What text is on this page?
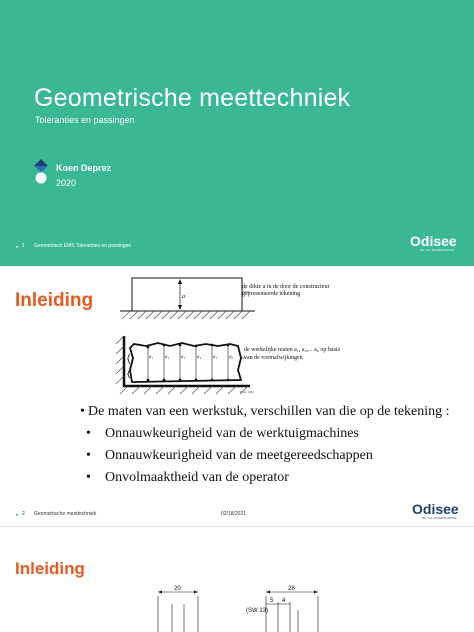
Geometrische meettechniek
Toleranties en passingen
Koen Deprez
2020
▸ 1 Geometrisch EMS Toleranties en passingen	Odisee
DE CO-HOGESCHOOL
Inleiding	a
a₁ a₂ a₃ a₄ a₅ a₆
de dikte a in de door de constructeur
gepresenteerde tekening
de werkelijke maten a₁, a₂,... a₆ op basis
van de vormafwijkingen
Bron: Wiki
• De maten van een werkstuk, verschillen van die op de tekening :
• Onnauwkeurigheid van de werktuigmachines
• Onnauwkeurigheid van de meetgereedschappen
• Onvolmaaktheid van de operator
▸ 2 Geometrische meettechniek	02/18/2021	Odisee
DE CO-HOGESCHOOL
Inleiding
20	28
5 4
(SW 13)
